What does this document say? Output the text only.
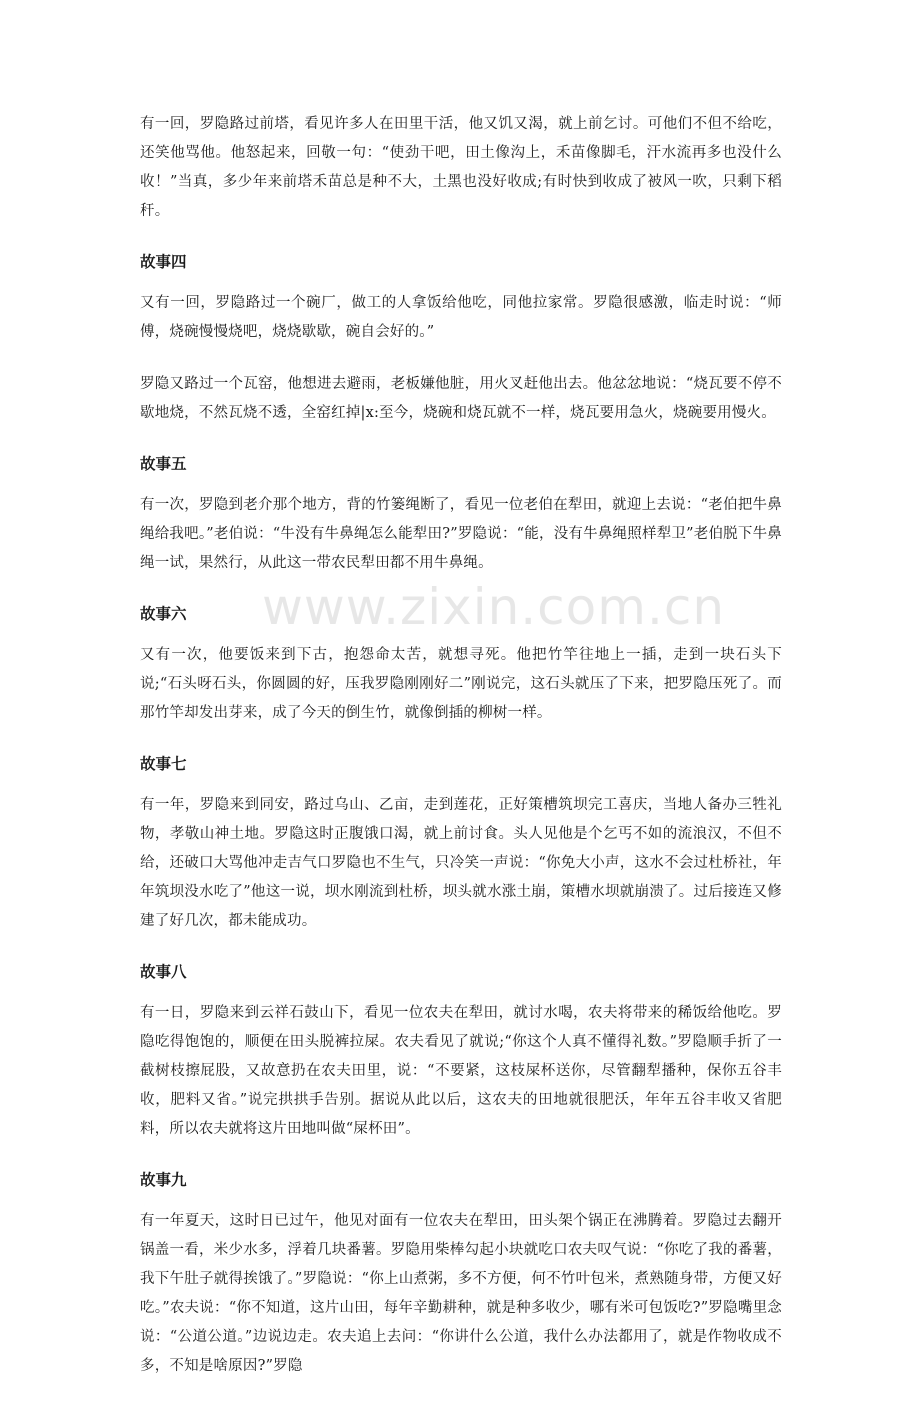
有一回，罗隐路过前塔，看见许多人在田里干活，他又饥又渴，就上前乞讨。可他们不但不给吃，还笑他骂他。他怒起来，回敬一句：“使劲干吧，田土像沟上，禾苗像脚毛，汗水流再多也没什么收！”当真，多少年来前塔禾苗总是种不大，土黑也没好收成;有时快到收成了被风一吹，只剩下稻秆。

故事四

又有一回，罗隐路过一个碗厂，做工的人拿饭给他吃，同他拉家常。罗隐很感激，临走时说：“师傅，烧碗慢慢烧吧，烧烧歇歇，碗自会好的。”

罗隐又路过一个瓦窑，他想进去避雨，老板嫌他脏，用火叉赶他出去。他忿忿地说：“烧瓦要不停不歇地烧，不然瓦烧不透，全窑红掉|x:至今，烧碗和烧瓦就不一样，烧瓦要用急火，烧碗要用慢火。

故事五

有一次，罗隐到老介那个地方，背的竹篓绳断了，看见一位老伯在犁田，就迎上去说：“老伯把牛鼻绳给我吧。”老伯说：“牛没有牛鼻绳怎么能犁田?”罗隐说：“能，没有牛鼻绳照样犁卫”老伯脱下牛鼻绳一试，果然行，从此这一带农民犁田都不用牛鼻绳。

故事六

又有一次，他要饭来到下古，抱怨命太苦，就想寻死。他把竹竿往地上一插，走到一块石头下说;“石头呀石头，你圆圆的好，压我罗隐刚刚好二”刚说完，这石头就压了下来，把罗隐压死了。而那竹竿却发出芽来，成了今天的倒生竹，就像倒插的柳树一样。

故事七

有一年，罗隐来到同安，路过乌山、乙亩，走到莲花，正好策槽筑坝完工喜庆，当地人备办三牲礼物，孝敬山神土地。罗隐这时正腹饿口渴，就上前讨食。头人见他是个乞丐不如的流浪汉，不但不给，还破口大骂他冲走吉气口罗隐也不生气，只冷笑一声说：“你免大小声，这水不会过杜桥社，年年筑坝没水吃了”他这一说，坝水刚流到杜桥，坝头就水涨土崩，策槽水坝就崩溃了。过后接连又修建了好几次，都未能成功。

故事八

有一日，罗隐来到云祥石鼓山下，看见一位农夫在犁田，就讨水喝，农夫将带来的稀饭给他吃。罗隐吃得饱饱的，顺便在田头脱裤拉屎。农夫看见了就说;“你这个人真不懂得礼数。”罗隐顺手折了一截树枝擦屁股，又故意扔在农夫田里，说：“不要紧，这枝屎杯送你，尽管翻犁播种，保你五谷丰收，肥料又省。”说完拱拱手告别。据说从此以后，这农夫的田地就很肥沃，年年五谷丰收又省肥料，所以农夫就将这片田地叫做“屎杯田”。

故事九

有一年夏天，这时日已过午，他见对面有一位农夫在犁田，田头架个锅正在沸腾着。罗隐过去翻开锅盖一看，米少水多，浮着几块番薯。罗隐用柴棒勾起小块就吃口农夫叹气说：“你吃了我的番薯，我下午肚子就得挨饿了。”罗隐说：“你上山煮粥，多不方便，何不竹叶包米，煮熟随身带，方便又好吃。”农夫说：“你不知道，这片山田，每年辛勤耕种，就是种多收少，哪有米可包饭吃?”罗隐嘴里念说：“公道公道。”边说边走。农夫追上去问：“你讲什么公道，我什么办法都用了，就是作物收成不多，不知是啥原因?”罗隐

www.zixin.com.cn
